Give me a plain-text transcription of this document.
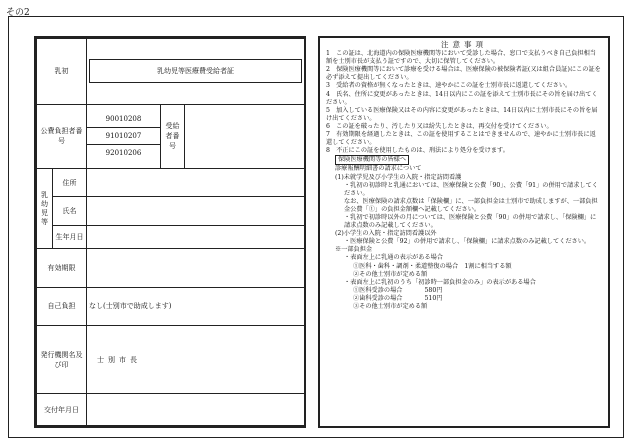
その2
乳初		乳幼児等医療費受給者証		

公費負担者番号		90010208
91010207
92010206	受給者番号	
乳幼児等	住所			
	氏名			
	生年月日			
有効期限				
自己負担		なし(士別市で助成します)		
発行機関名及び印		士別市長		
交付年月日				
注意事項

1　この証は、北海道内の保険医療機関等において受診した場合、窓口で支払うべき自己負担相当額を士別市長が支払う証ですので、大切に保管してください。

2　保険医療機関等において診療を受ける場合は、医療保険の被保険者証(又は組合員証)にこの証を必ず添えて提出してください。

3　受給者の資格が無くなったときは、速やかにこの証を士別市長に返還してください。

4　氏名、住所に変更があったときは、14日以内にこの証を添えて士別市長にその旨を届け出てください。

5　加入している医療保険又はその内容に変更があったときは、14日以内に士別市長にその旨を届け出てください。

6　この証を破ったり、汚したり又は紛失したときは、再交付を受けてください。

7　有効期限を経過したときは、この証を使用することはできませんので、速やかに士別市長に返還してください。

8　不正にこの証を使用したものは、刑法により処分を受けます。

保険医療機関等の皆様へ

診療報酬明細書の請求について

(1)未就学児及び小学生の入院・指定訪問看護

・乳初の初診時と乳通においては、医療保険と公費「90」、公費「91」の併用で請求してください。

なお、医療保険の請求点数は「保険欄」に、一部負担金は士別市で助成しますが、一部負担金公費「①」の負担金額欄へ記載してください。

・乳初で初診時以外の月については、医療保険と公費「90」の併用で請求し、「保険欄」に請求点数のみ記載してください。

(2)小学生の入院・指定訪問看護以外

・医療保険と公費「92」の併用で請求し、「保険欄」に請求点数のみ記載してください。

※一部負担金

・表面左上に乳通の表示がある場合

①医科・歯科・調剤・柔道整復の場合　1割に相当する額

②その他士別市が定める額

・表面左上に乳初のうち「初診時一部負担金のみ」の表示がある場合

①医科受診の場合	580円

②歯科受診の場合	510円

③その他士別市が定める額
